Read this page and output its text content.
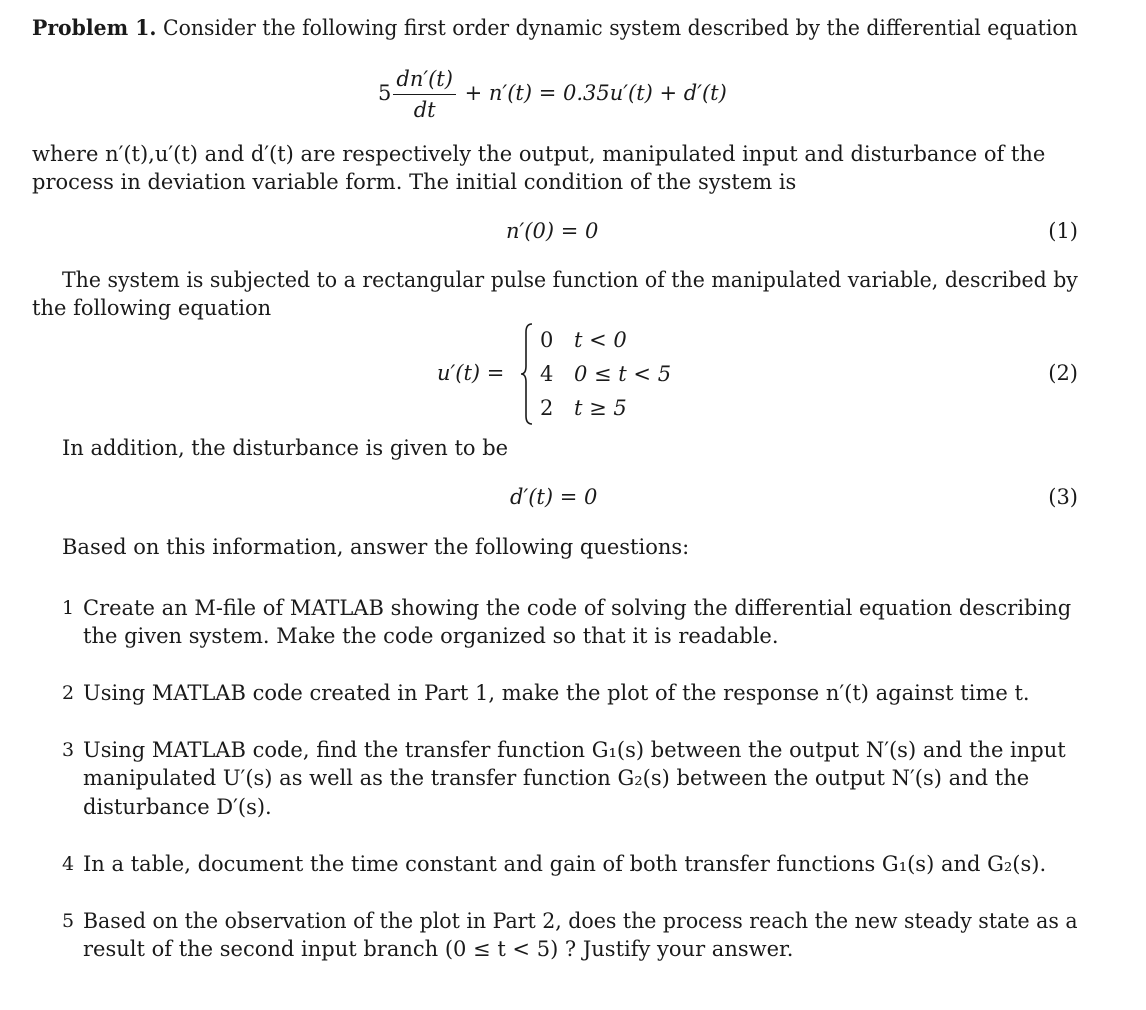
Problem 1. Consider the following first order dynamic system described by the differential equation
$5 \frac{dn'(t)}{dt} + n'(t) = 0.35u'(t) + d'(t)$
where n′(t),u′(t) and d′(t) are respectively the output, manipulated input and disturbance of the
process in deviation variable form. The initial condition of the system is
n′(0) = 0	(1)
The system is subjected to a rectangular pulse function of the manipulated variable, described by
the following equation
u′(t) =
0 t < 0
4 0 ≤ t < 5
2 t ≥ 5
(2)
In addition, the disturbance is given to be
d′(t) = 0	(3)
Based on this information, answer the following questions:
1 Create an M-file of MATLAB showing the code of solving the differential equation describing
the given system. Make the code organized so that it is readable.
2 Using MATLAB code created in Part 1, make the plot of the response n′(t) against time t.
3 Using MATLAB code, find the transfer function G₁(s) between the output N′(s) and the input
manipulated U′(s) as well as the transfer function G₂(s) between the output N′(s) and the
disturbance D′(s).
4 In a table, document the time constant and gain of both transfer functions G₁(s) and G₂(s).
5 Based on the observation of the plot in Part 2, does the process reach the new steady state as a
result of the second input branch (0 ≤ t < 5) ? Justify your answer.
